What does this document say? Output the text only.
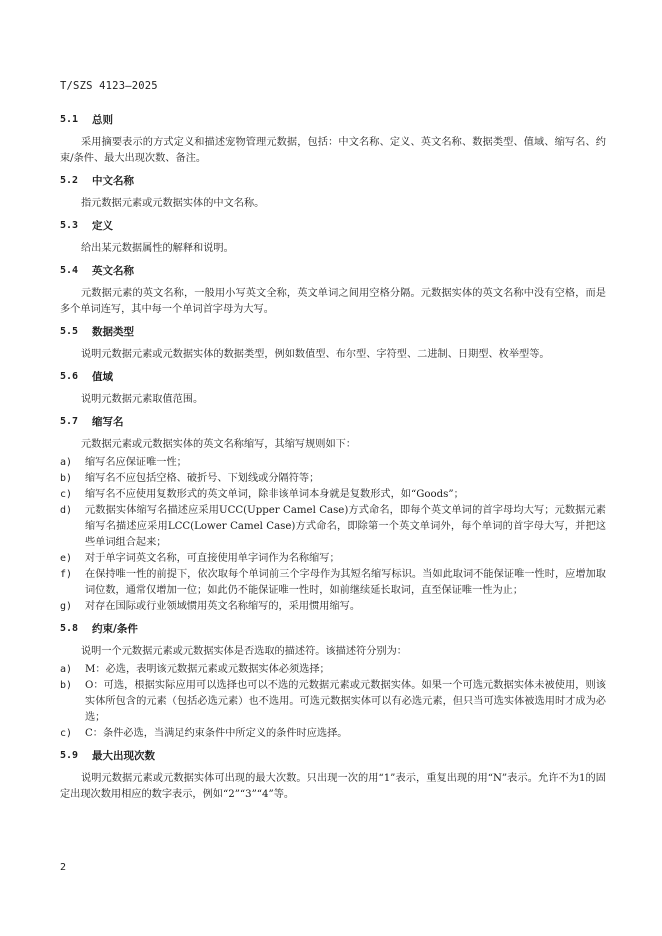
T/SZS 4123—2025
5.1	总则

采用摘要表示的方式定义和描述宠物管理元数据，包括：中文名称、定义、英文名称、数据类型、值域、缩写名、约束/条件、最大出现次数、备注。

5.2	中文名称

指元数据元素或元数据实体的中文名称。

5.3	定义

给出某元数据属性的解释和说明。

5.4	英文名称

元数据元素的英文名称，一般用小写英文全称，英文单词之间用空格分隔。元数据实体的英文名称中没有空格，而是多个单词连写，其中每一个单词首字母为大写。

5.5	数据类型

说明元数据元素或元数据实体的数据类型，例如数值型、布尔型、字符型、二进制、日期型、枚举型等。

5.6	值域

说明元数据元素取值范围。

5.7	缩写名

元数据元素或元数据实体的英文名称缩写，其缩写规则如下：

a)	缩写名应保证唯一性；
b)	缩写名不应包括空格、破折号、下划线或分隔符等；
c)	缩写名不应使用复数形式的英文单词，除非该单词本身就是复数形式，如“Goods”；
d)	元数据实体缩写名描述应采用UCC(Upper Camel Case)方式命名，即每个英文单词的首字母均大写；元数据元素缩写名描述应采用LCC(Lower Camel Case)方式命名，即除第一个英文单词外，每个单词的首字母大写，并把这些单词组合起来；
e)	对于单字词英文名称，可直接使用单字词作为名称缩写；
f)	在保持唯一性的前提下，依次取每个单词前三个字母作为其短名缩写标识。当如此取词不能保证唯一性时，应增加取词位数，通常仅增加一位；如此仍不能保证唯一性时，如前继续延长取词，直至保证唯一性为止；
g)	对存在国际或行业领域惯用英文名称缩写的，采用惯用缩写。
5.8	约束/条件

说明一个元数据元素或元数据实体是否选取的描述符。该描述符分别为：

a)	M：必选，表明该元数据元素或元数据实体必须选择；
b)	O：可选，根据实际应用可以选择也可以不选的元数据元素或元数据实体。如果一个可选元数据实体未被使用，则该实体所包含的元素（包括必选元素）也不选用。可选元数据实体可以有必选元素，但只当可选实体被选用时才成为必选；
c)	C：条件必选，当满足约束条件中所定义的条件时应选择。
5.9	最大出现次数

说明元数据元素或元数据实体可出现的最大次数。只出现一次的用“1”表示，重复出现的用“N”表示。允许不为1的固定出现次数用相应的数字表示，例如“2”“3”“4”等。

2
